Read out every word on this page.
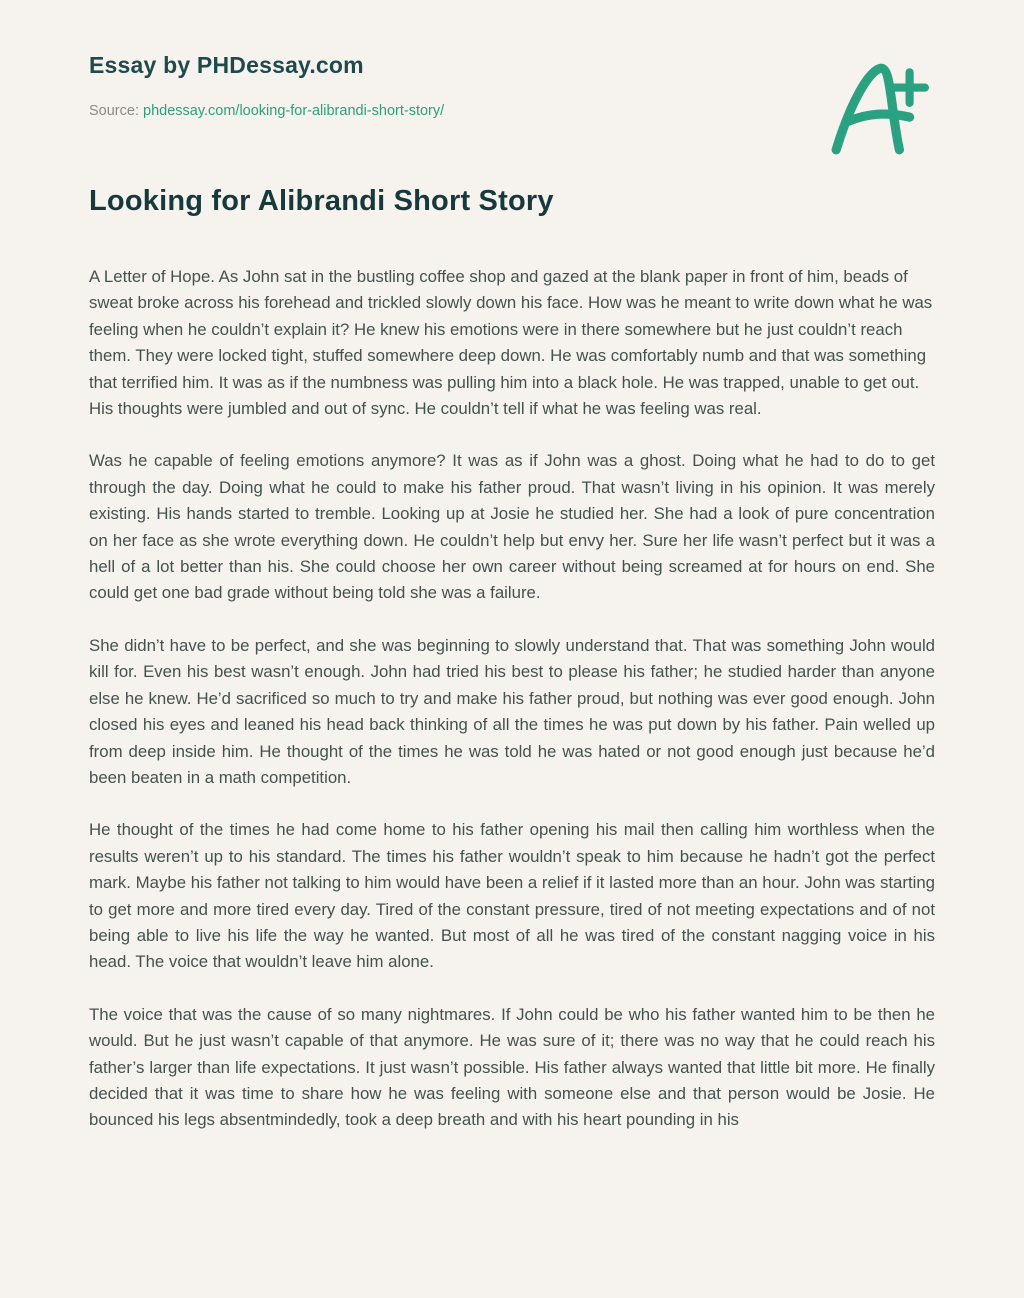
Essay by PHDessay.com
Source: phdessay.com/looking-for-alibrandi-short-story/
Looking for Alibrandi Short Story

A Letter of Hope. As John sat in the bustling coffee shop and gazed at the blank paper in front of him, beads of sweat broke across his forehead and trickled slowly down his face. How was he meant to write down what he was feeling when he couldn’t explain it? He knew his emotions were in there somewhere but he just couldn’t reach them. They were locked tight, stuffed somewhere deep down. He was comfortably numb and that was something that terrified him. It was as if the numbness was pulling him into a black hole. He was trapped, unable to get out. His thoughts were jumbled and out of sync. He couldn’t tell if what he was feeling was real.

Was he capable of feeling emotions anymore? It was as if John was a ghost. Doing what he had to do to get through the day. Doing what he could to make his father proud. That wasn’t living in his opinion. It was merely existing. His hands started to tremble. Looking up at Josie he studied her. She had a look of pure concentration on her face as she wrote everything down. He couldn’t help but envy her. Sure her life wasn’t perfect but it was a hell of a lot better than his. She could choose her own career without being screamed at for hours on end. She could get one bad grade without being told she was a failure.

She didn’t have to be perfect, and she was beginning to slowly understand that. That was something John would kill for. Even his best wasn’t enough. John had tried his best to please his father; he studied harder than anyone else he knew. He’d sacrificed so much to try and make his father proud, but nothing was ever good enough. John closed his eyes and leaned his head back thinking of all the times he was put down by his father. Pain welled up from deep inside him. He thought of the times he was told he was hated or not good enough just because he’d been beaten in a math competition.

He thought of the times he had come home to his father opening his mail then calling him worthless when the results weren’t up to his standard. The times his father wouldn’t speak to him because he hadn’t got the perfect mark. Maybe his father not talking to him would have been a relief if it lasted more than an hour. John was starting to get more and more tired every day. Tired of the constant pressure, tired of not meeting expectations and of not being able to live his life the way he wanted. But most of all he was tired of the constant nagging voice in his head. The voice that wouldn’t leave him alone.

The voice that was the cause of so many nightmares. If John could be who his father wanted him to be then he would. But he just wasn’t capable of that anymore. He was sure of it; there was no way that he could reach his father’s larger than life expectations. It just wasn’t possible. His father always wanted that little bit more. He finally decided that it was time to share how he was feeling with someone else and that person would be Josie. He bounced his legs absentmindedly, took a deep breath and with his heart pounding in his
